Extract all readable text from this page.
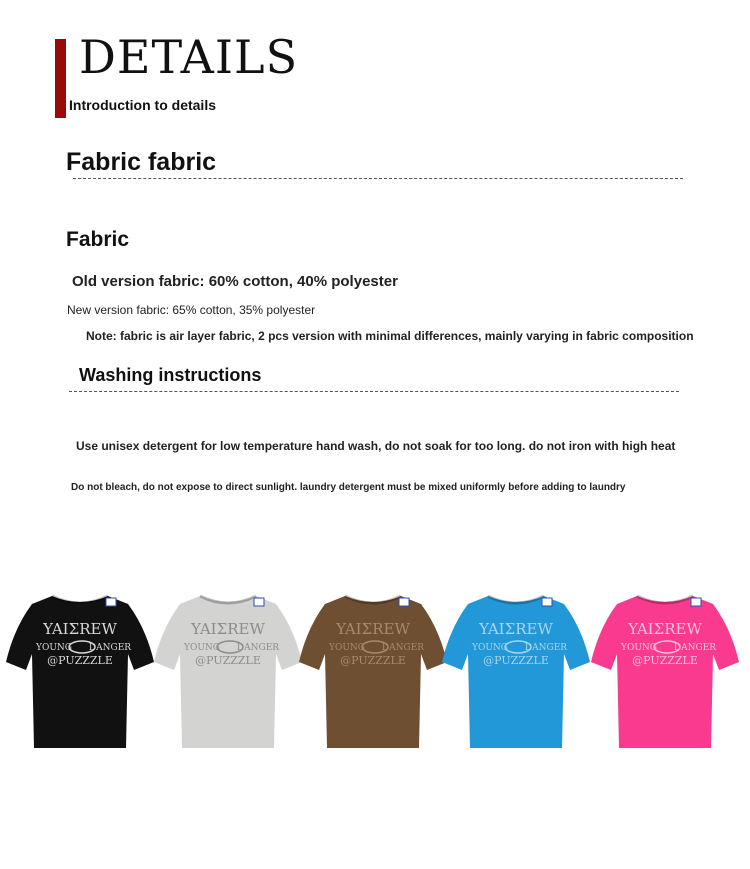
DETAILS
Introduction to details
Fabric fabric
Fabric
Old version fabric: 60% cotton, 40% polyester
New version fabric: 65% cotton, 35% polyester
Note: fabric is air layer fabric, 2 pcs version with minimal differences, mainly varying in fabric composition
Washing instructions
Use unisex detergent for low temperature hand wash, do not soak for too long. do not iron with high heat
Do not bleach, do not expose to direct sunlight. laundry detergent must be mixed uniformly before adding to laundry
YAIΣREW
YOUNG DANGER
@PUZZZLE
YAIΣREW
YOUNG DANGER
@PUZZZLE
YAIΣREW
YOUNG DANGER
@PUZZZLE
YAIΣREW
YOUNG DANGER
@PUZZZLE
YAIΣREW
YOUNG DANGER
@PUZZZLE
